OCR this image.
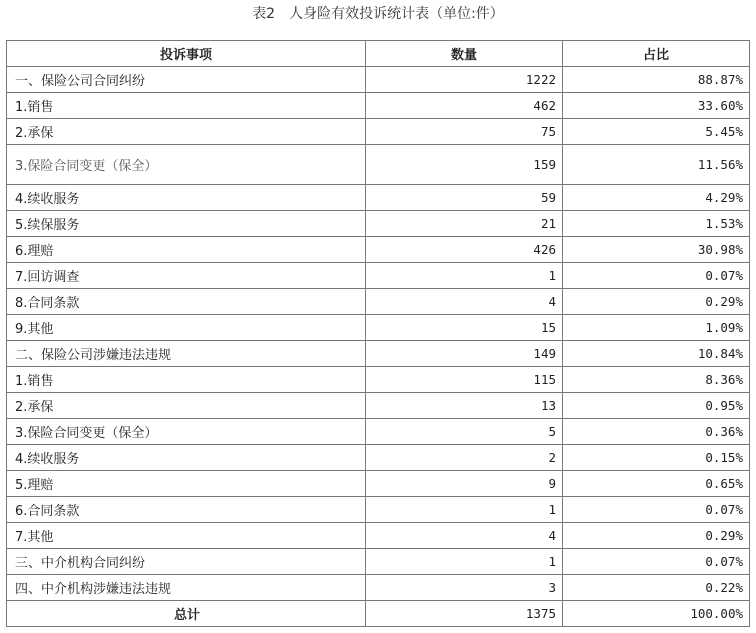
表2　人身险有效投诉统计表（单位:件）
投诉事项	数量	占比
一、保险公司合同纠纷	1222	88.87%
1.销售	462	33.60%
2.承保	75	5.45%
3.保险合同变更（保全）	159	11.56%
4.续收服务	59	4.29%
5.续保服务	21	1.53%
6.理赔	426	30.98%
7.回访调查	1	0.07%
8.合同条款	4	0.29%
9.其他	15	1.09%
二、保险公司涉嫌违法违规	149	10.84%
1.销售	115	8.36%
2.承保	13	0.95%
3.保险合同变更（保全）	5	0.36%
4.续收服务	2	0.15%
5.理赔	9	0.65%
6.合同条款	1	0.07%
7.其他	4	0.29%
三、中介机构合同纠纷	1	0.07%
四、中介机构涉嫌违法违规	3	0.22%
总计	1375	100.00%
